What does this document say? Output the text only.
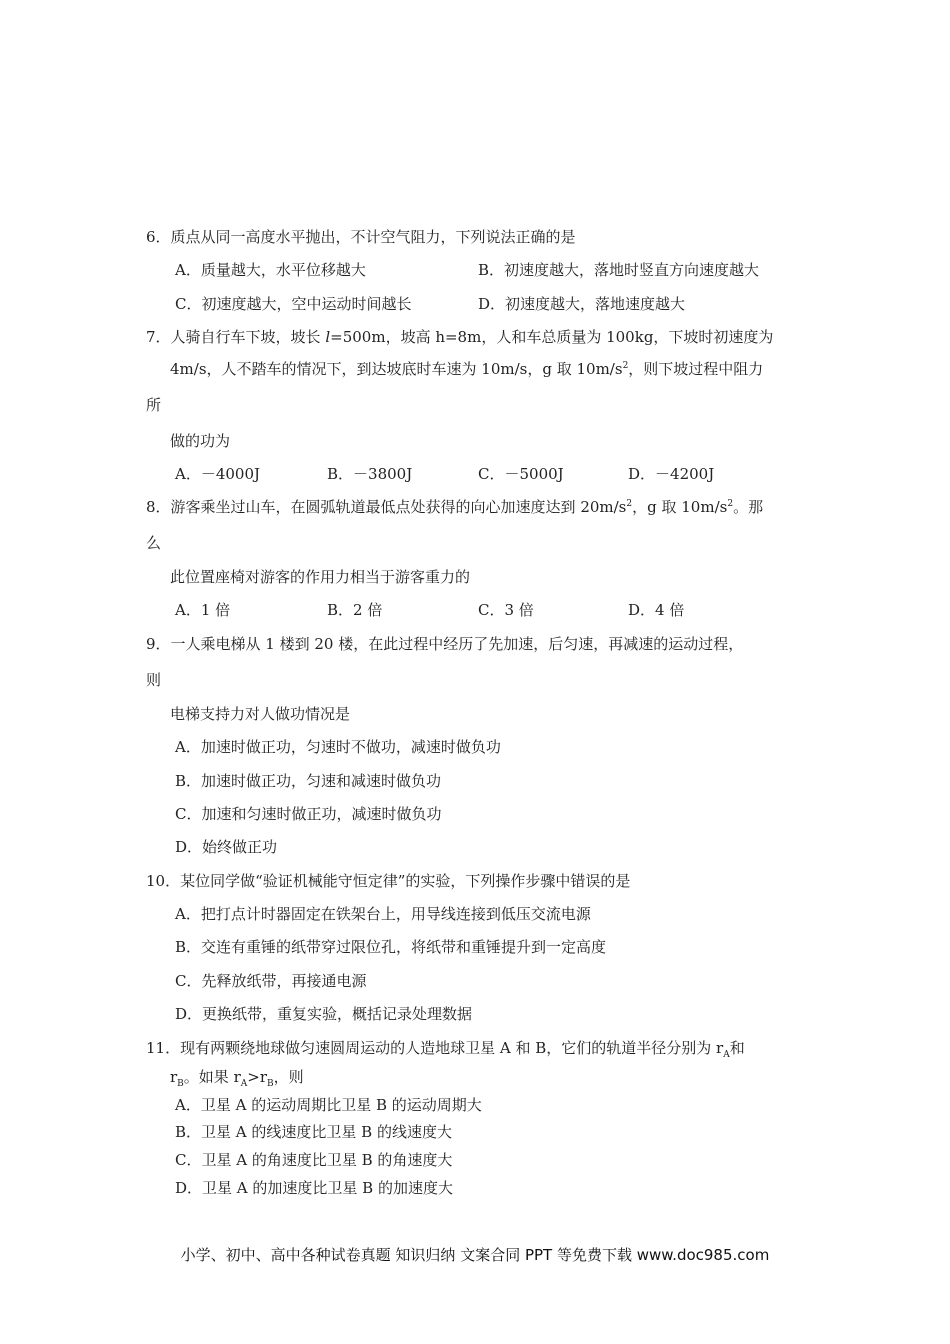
6．质点从同一高度水平抛出，不计空气阻力，下列说法正确的是
A．质量越大，水平位移越大	B．初速度越大，落地时竖直方向速度越大
C．初速度越大，空中运动时间越长	D．初速度越大，落地速度越大
7．人骑自行车下坡，坡长 l=500m，坡高 h=8m，人和车总质量为 100kg，下坡时初速度为
4m/s，人不踏车的情况下，到达坡底时车速为 10m/s，g 取 $10m/s^2$，则下坡过程中阻力
所
做的功为
A．－4000J	B．－3800J	C．－5000J	D．－4200J
8．游客乘坐过山车，在圆弧轨道最低点处获得的向心加速度达到 $20m/s^2$，g 取 $10m/s^2$。那
么
此位置座椅对游客的作用力相当于游客重力的
A．1 倍	B．2 倍	C．3 倍	D．4 倍
9．一人乘电梯从 1 楼到 20 楼，在此过程中经历了先加速，后匀速，再减速的运动过程，
则
电梯支持力对人做功情况是
A．加速时做正功，匀速时不做功，减速时做负功
B．加速时做正功，匀速和减速时做负功
C．加速和匀速时做正功，减速时做负功
D．始终做正功
10．某位同学做“验证机械能守恒定律”的实验，下列操作步骤中错误的是
A．把打点计时器固定在铁架台上，用导线连接到低压交流电源
B．交连有重锤的纸带穿过限位孔，将纸带和重锤提升到一定高度
C．先释放纸带，再接通电源
D．更换纸带，重复实验，概括记录处理数据
11．现有两颗绕地球做匀速圆周运动的人造地球卫星 A 和 B，它们的轨道半径分别为 $r_A$和
$r_B$。如果 $r_A>r_B$，则
A．卫星 A 的运动周期比卫星 B 的运动周期大
B．卫星 A 的线速度比卫星 B 的线速度大
C．卫星 A 的角速度比卫星 B 的角速度大
D．卫星 A 的加速度比卫星 B 的加速度大
小学、初中、高中各种试卷真题 知识归纳 文案合同 PPT 等免费下载 www.doc985.com
